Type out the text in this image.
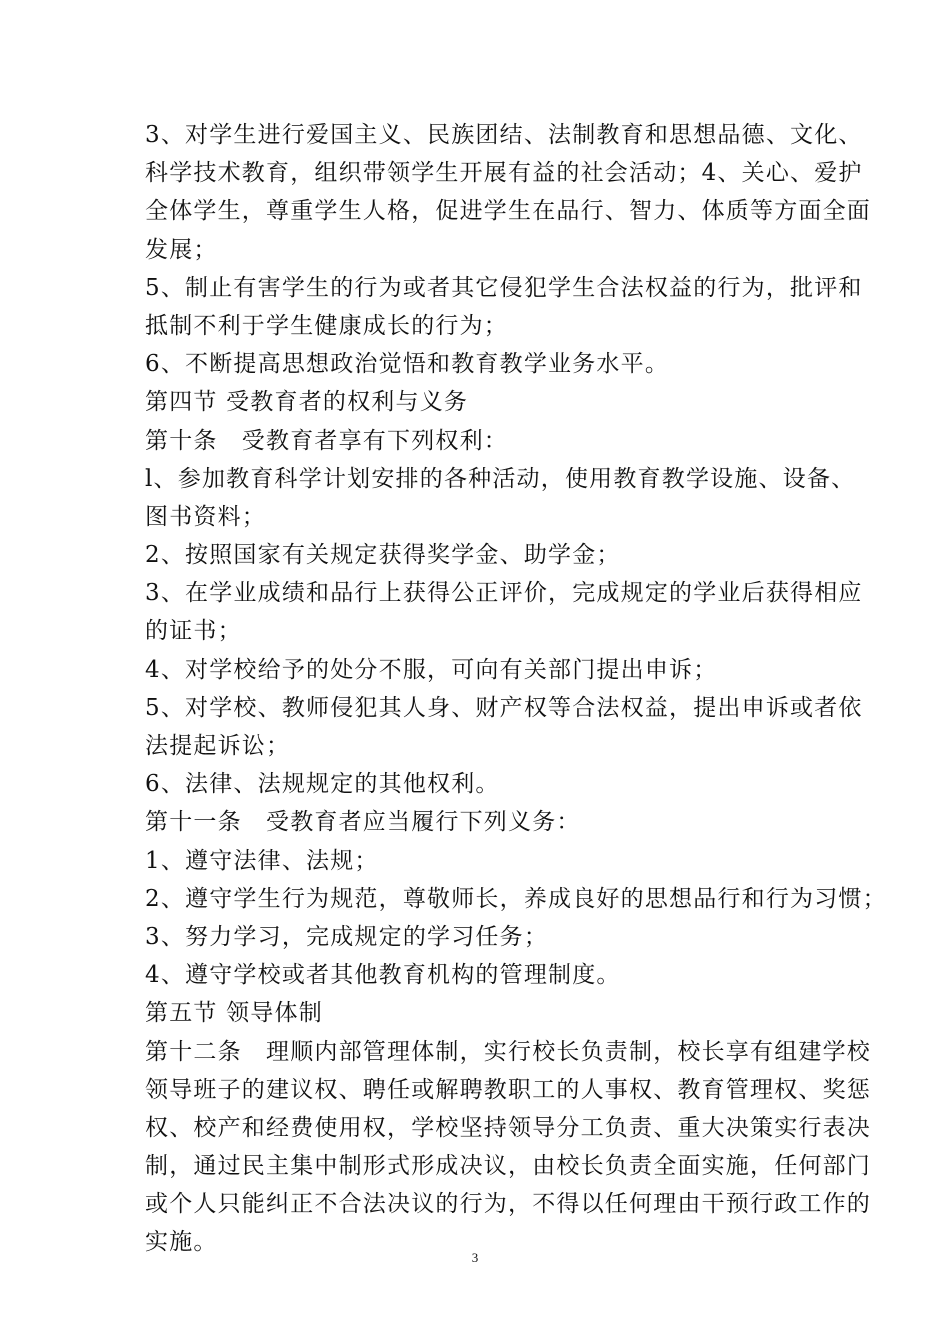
3、对学生进行爱国主义、民族团结、法制教育和思想品德、文化、
科学技术教育，组织带领学生开展有益的社会活动；4、关心、爱护
全体学生，尊重学生人格，促进学生在品行、智力、体质等方面全面
发展；
5、制止有害学生的行为或者其它侵犯学生合法权益的行为，批评和
抵制不利于学生健康成长的行为；
6、不断提高思想政治觉悟和教育教学业务水平。
第四节 受教育者的权利与义务
第十条　受教育者享有下列权利：
l、参加教育科学计划安排的各种活动，使用教育教学设施、设备、
图书资料；
2、按照国家有关规定获得奖学金、助学金；
3、在学业成绩和品行上获得公正评价，完成规定的学业后获得相应
的证书；
4、对学校给予的处分不服，可向有关部门提出申诉；
5、对学校、教师侵犯其人身、财产权等合法权益，提出申诉或者依
法提起诉讼；
6、法律、法规规定的其他权利。
第十一条　受教育者应当履行下列义务：
1、遵守法律、法规；
2、遵守学生行为规范，尊敬师长，养成良好的思想品行和行为习惯；
3、努力学习，完成规定的学习任务；
4、遵守学校或者其他教育机构的管理制度。
第五节 领导体制
第十二条　理顺内部管理体制，实行校长负责制，校长享有组建学校
领导班子的建议权、聘任或解聘教职工的人事权、教育管理权、奖惩
权、校产和经费使用权，学校坚持领导分工负责、重大决策实行表决
制，通过民主集中制形式形成决议，由校长负责全面实施，任何部门
或个人只能纠正不合法决议的行为，不得以任何理由干预行政工作的
实施。
3
